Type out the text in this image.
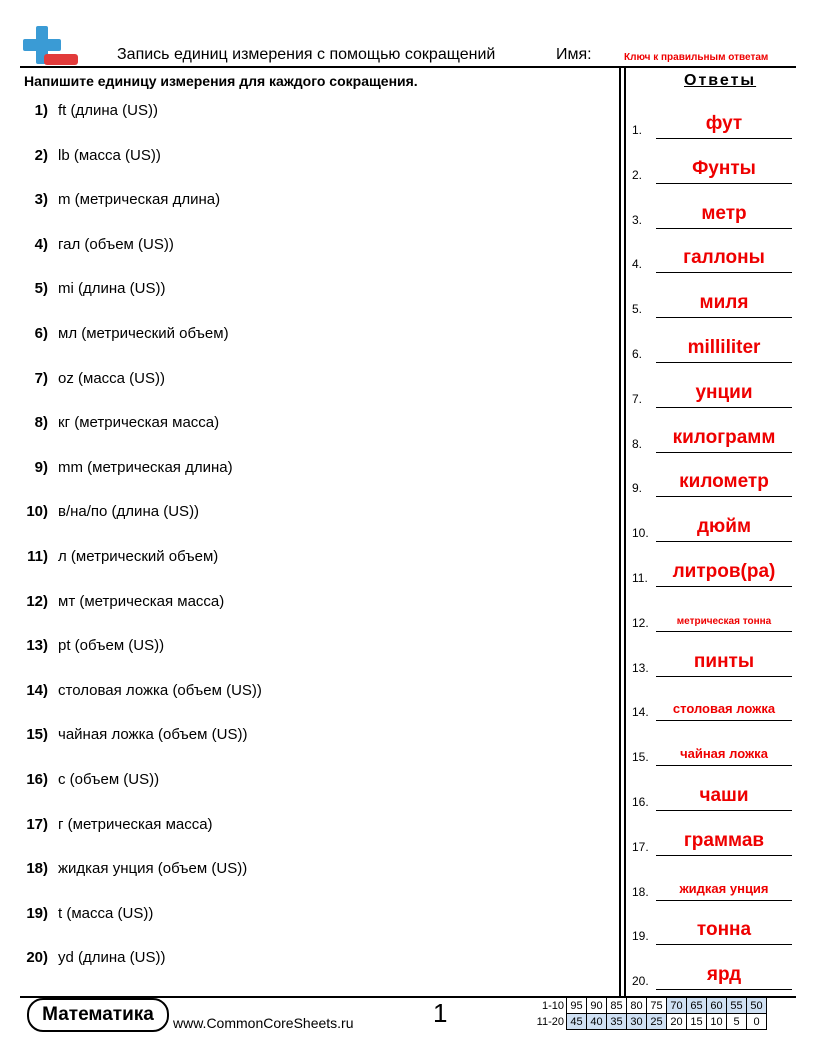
Запись единиц измерения с помощью сокращений	Имя:	Ключ к правильным ответам
Напишите единицу измерения для каждого сокращения.	Ответы
1) ft (длина (US))
2) lb (масса (US))
3) m (метрическая длина)
4) гал (объем (US))
5) mi (длина (US))
6) мл (метрический объем)
7) oz (масса (US))
8) кг (метрическая масса)
9) mm (метрическая длина)
10) в/на/по (длина (US))
11) л (метрический объем)
12) мт (метрическая масса)
13) pt (объем (US))
14) столовая ложка (объем (US))
15) чайная ложка (объем (US))
16) c (объем (US))
17) г (метрическая масса)
18) жидкая унция (объем (US))
19) t (масса (US))
20) yd (длина (US))
1.	фут
2.	Фунты
3.	метр
4.	галлоны
5.	миля
6.	milliliter
7.	унции
8.	килограмм
9.	километр
10.	дюйм
11.	литров(ра)
12.	метрическая тонна
13.	пинты
14.	столовая ложка
15.	чайная ложка
16.	чаши
17.	граммав
18.	жидкая унция
19.	тонна
20.	ярд
Математика	www.CommonCoreSheets.ru	1	1-10	95	90	85	80	75	70	65	60	55	50
11-20	45	40	35	30	25	20	15	10	5	0
